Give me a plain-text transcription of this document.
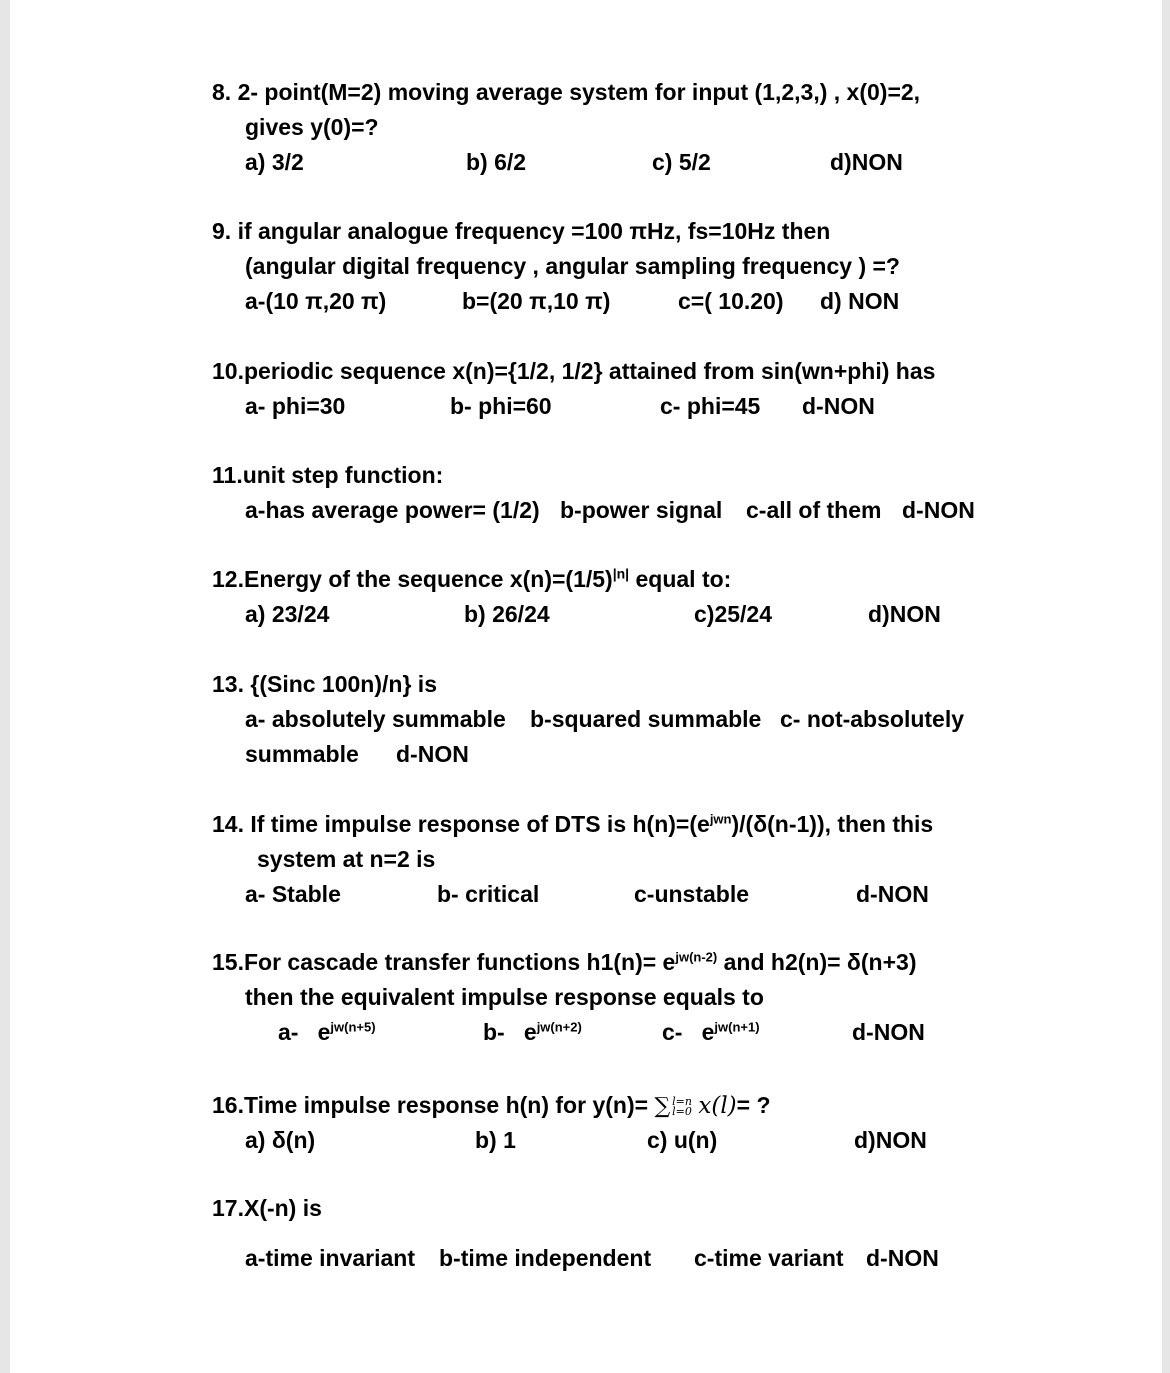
8. 2- point(M=2) moving average system for input (1,2,3,) , x(0)=2,
gives y(0)=?
a) 3/2	b) 6/2	c) 5/2	d)NON
9. if angular analogue frequency =100 πHz, fs=10Hz then
(angular digital frequency , angular sampling frequency ) =?
a-(10 π,20 π)	b=(20 π,10 π)	c=( 10.20) d) NON
10.periodic sequence x(n)={1/2, 1/2} attained from sin(wn+phi) has
a- phi=30	b- phi=60	c- phi=45 d-NON
11.unit step function:
a-has average power= (1/2) b-power signal c-all of them d-NON
12.Energy of the sequence $x(n)=(1/5)^{|n|}$ equal to:
a) 23/24	b) 26/24	c)25/24	d)NON
13. {(Sinc 100n)/n} is
a- absolutely summable b-squared summable c- not-absolutely
summable d-NON
14. If time impulse response of DTS is $h(n)=(e^{jwn})/(\delta(n-1))$, then this
system at n=2 is
a- Stable	b- critical	c-unstable	d-NON
15.For cascade transfer functions $h1(n)= e^{jw(n-2)}$ and h2(n)= δ(n+3)
then the equivalent impulse response equals to
a- $e^{jw(n+5)}$	b- $e^{jw(n+2)}$	c- $e^{jw(n+1)}$	d-NON
16.Time impulse response h(n) for y(n)= ∑ l=n
l=0 x(l)= ?
a) δ(n)	b) 1	c) u(n)	d)NON
17.X(-n) is
a-time invariant b-time independent c-time variant d-NON
